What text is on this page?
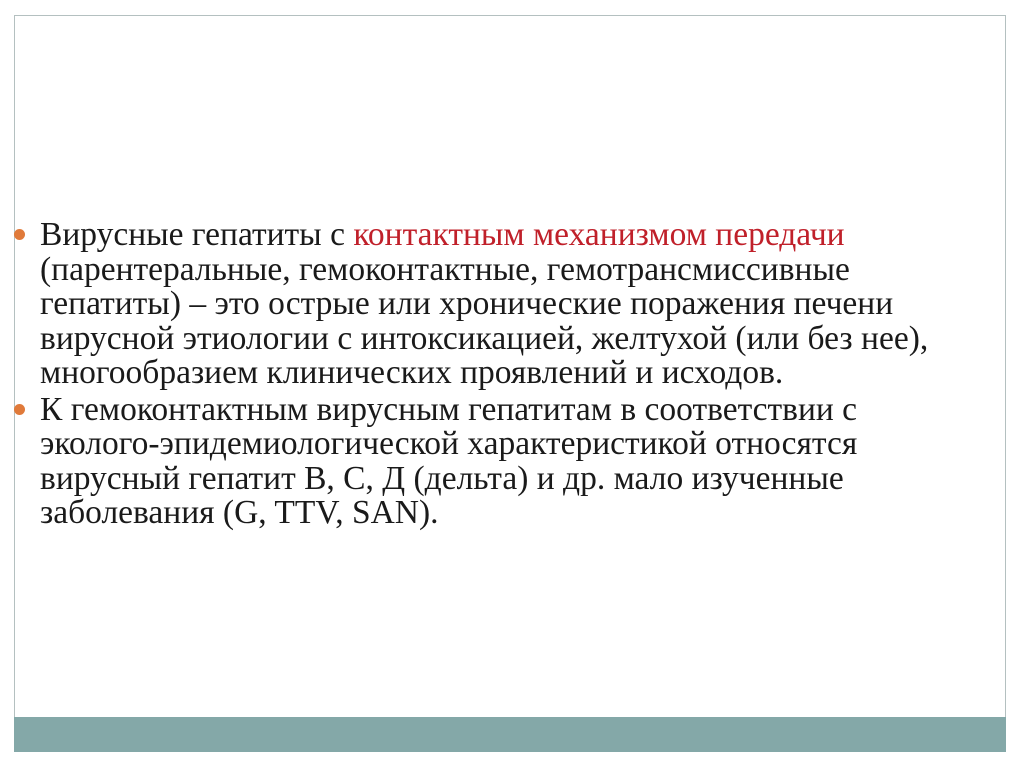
Вирусные гепатиты с контактным механизмом передачи (парентеральные, гемоконтактные, гемотрансмиссивные гепатиты) – это острые или хронические поражения печени вирусной этиологии с интоксикацией, желтухой (или без нее), многообразием клинических проявлений и исходов.
К гемоконтактным вирусным гепатитам в соответствии с эколого-эпидемиологической характеристикой относятся вирусный гепатит В, С, Д (дельта) и др. мало изученные заболевания (G, TTV, SAN).
